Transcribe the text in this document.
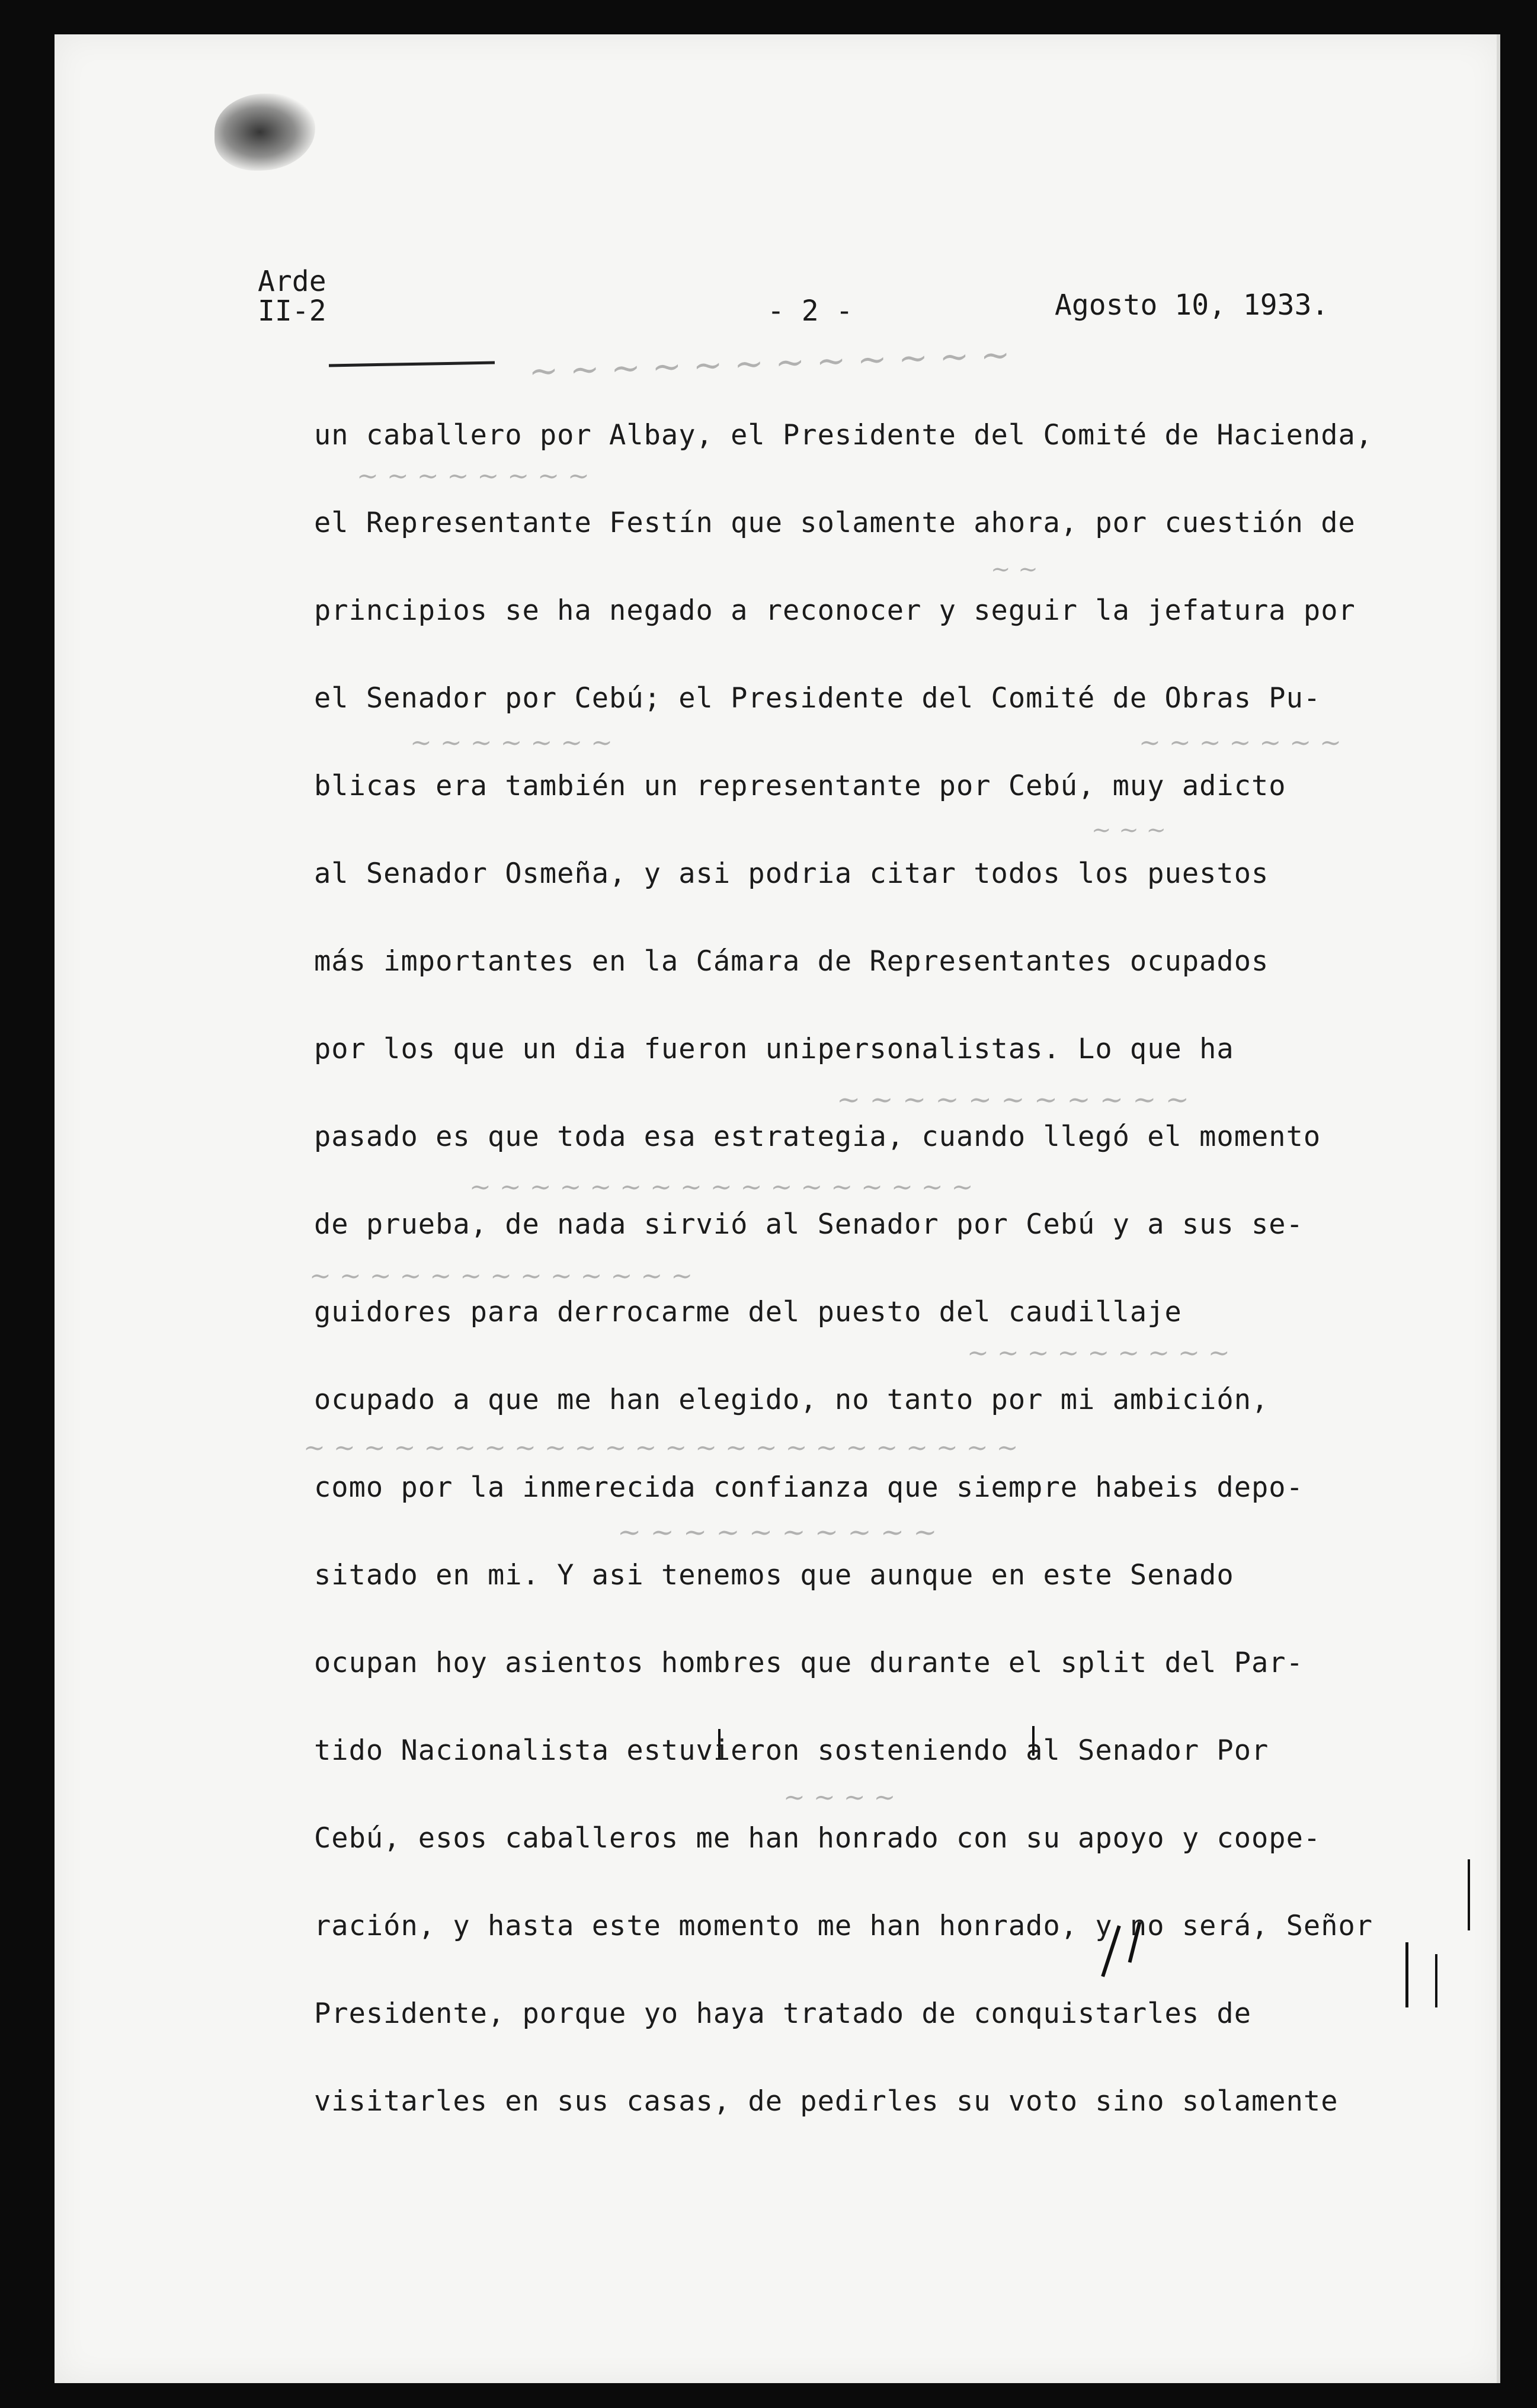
~ ~ ~ ~ ~ ~ ~ ~ ~ ~ ~ ~
~ ~ ~ ~ ~ ~ ~ ~
~ ~
~ ~ ~ ~ ~ ~ ~	~ ~ ~ ~ ~ ~ ~
~ ~ ~
~ ~ ~ ~ ~ ~ ~ ~ ~ ~ ~
~ ~ ~ ~ ~ ~ ~ ~ ~ ~ ~ ~ ~ ~ ~ ~ ~
~ ~ ~ ~ ~ ~ ~ ~ ~ ~ ~ ~ ~
~ ~ ~ ~ ~ ~ ~ ~ ~
~ ~ ~ ~ ~ ~ ~ ~ ~ ~ ~ ~ ~ ~ ~ ~ ~ ~ ~ ~ ~ ~ ~ ~
~ ~ ~ ~ ~ ~ ~ ~ ~ ~
~ ~ ~ ~
Arde
II-2	- 2 -	Agosto 10, 1933.
un caballero por Albay, el Presidente del Comité de Hacienda,
el Representante Festín que solamente ahora, por cuestión de
principios se ha negado a reconocer y seguir la jefatura por
el Senador por Cebú; el Presidente del Comité de Obras Pu-
blicas era también un representante por Cebú, muy adicto
al Senador Osmeña, y asi podria citar todos los puestos
más importantes en la Cámara de Representantes ocupados
por los que un dia fueron unipersonalistas. Lo que ha
pasado es que toda esa estrategia, cuando llegó el momento
de prueba, de nada sirvió al Senador por Cebú y a sus se-
guidores para derrocarme del puesto del caudillaje
ocupado a que me han elegido, no tanto por mi ambición,
como por la inmerecida confianza que siempre habeis depo-
sitado en mi. Y asi tenemos que aunque en este Senado
ocupan hoy asientos hombres que durante el split del Par-
tido Nacionalista estuvieron sosteniendo al Senador Por
Cebú, esos caballeros me han honrado con su apoyo y coope-
ración, y hasta este momento me han honrado, y no será, Señor
Presidente, porque yo haya tratado de conquistarles de
visitarles en sus casas, de pedirles su voto sino solamente
